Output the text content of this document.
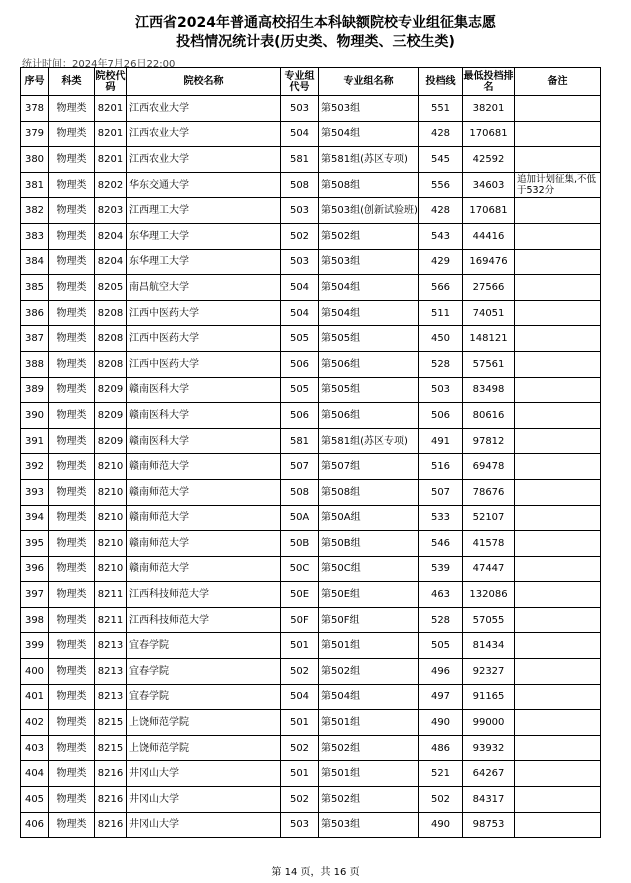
江西省2024年普通高校招生本科缺额院校专业组征集志愿
投档情况统计表(历史类、物理类、三校生类)
统计时间：2024年7月26日22:00
序号	科类	院校代码	院校名称	专业组代号	专业组名称	投档线	最低投档排名	备注
378	物理类	8201	江西农业大学	503	第503组	551	38201	
379	物理类	8201	江西农业大学	504	第504组	428	170681	
380	物理类	8201	江西农业大学	581	第581组(苏区专项)	545	42592	
381	物理类	8202	华东交通大学	508	第508组	556	34603	追加计划征集,不低于532分
382	物理类	8203	江西理工大学	503	第503组(创新试验班)	428	170681	
383	物理类	8204	东华理工大学	502	第502组	543	44416	
384	物理类	8204	东华理工大学	503	第503组	429	169476	
385	物理类	8205	南昌航空大学	504	第504组	566	27566	
386	物理类	8208	江西中医药大学	504	第504组	511	74051	
387	物理类	8208	江西中医药大学	505	第505组	450	148121	
388	物理类	8208	江西中医药大学	506	第506组	528	57561	
389	物理类	8209	赣南医科大学	505	第505组	503	83498	
390	物理类	8209	赣南医科大学	506	第506组	506	80616	
391	物理类	8209	赣南医科大学	581	第581组(苏区专项)	491	97812	
392	物理类	8210	赣南师范大学	507	第507组	516	69478	
393	物理类	8210	赣南师范大学	508	第508组	507	78676	
394	物理类	8210	赣南师范大学	50A	第50A组	533	52107	
395	物理类	8210	赣南师范大学	50B	第50B组	546	41578	
396	物理类	8210	赣南师范大学	50C	第50C组	539	47447	
397	物理类	8211	江西科技师范大学	50E	第50E组	463	132086	
398	物理类	8211	江西科技师范大学	50F	第50F组	528	57055	
399	物理类	8213	宜春学院	501	第501组	505	81434	
400	物理类	8213	宜春学院	502	第502组	496	92327	
401	物理类	8213	宜春学院	504	第504组	497	91165	
402	物理类	8215	上饶师范学院	501	第501组	490	99000	
403	物理类	8215	上饶师范学院	502	第502组	486	93932	
404	物理类	8216	井冈山大学	501	第501组	521	64267	
405	物理类	8216	井冈山大学	502	第502组	502	84317	
406	物理类	8216	井冈山大学	503	第503组	490	98753	
第 14 页，共 16 页
